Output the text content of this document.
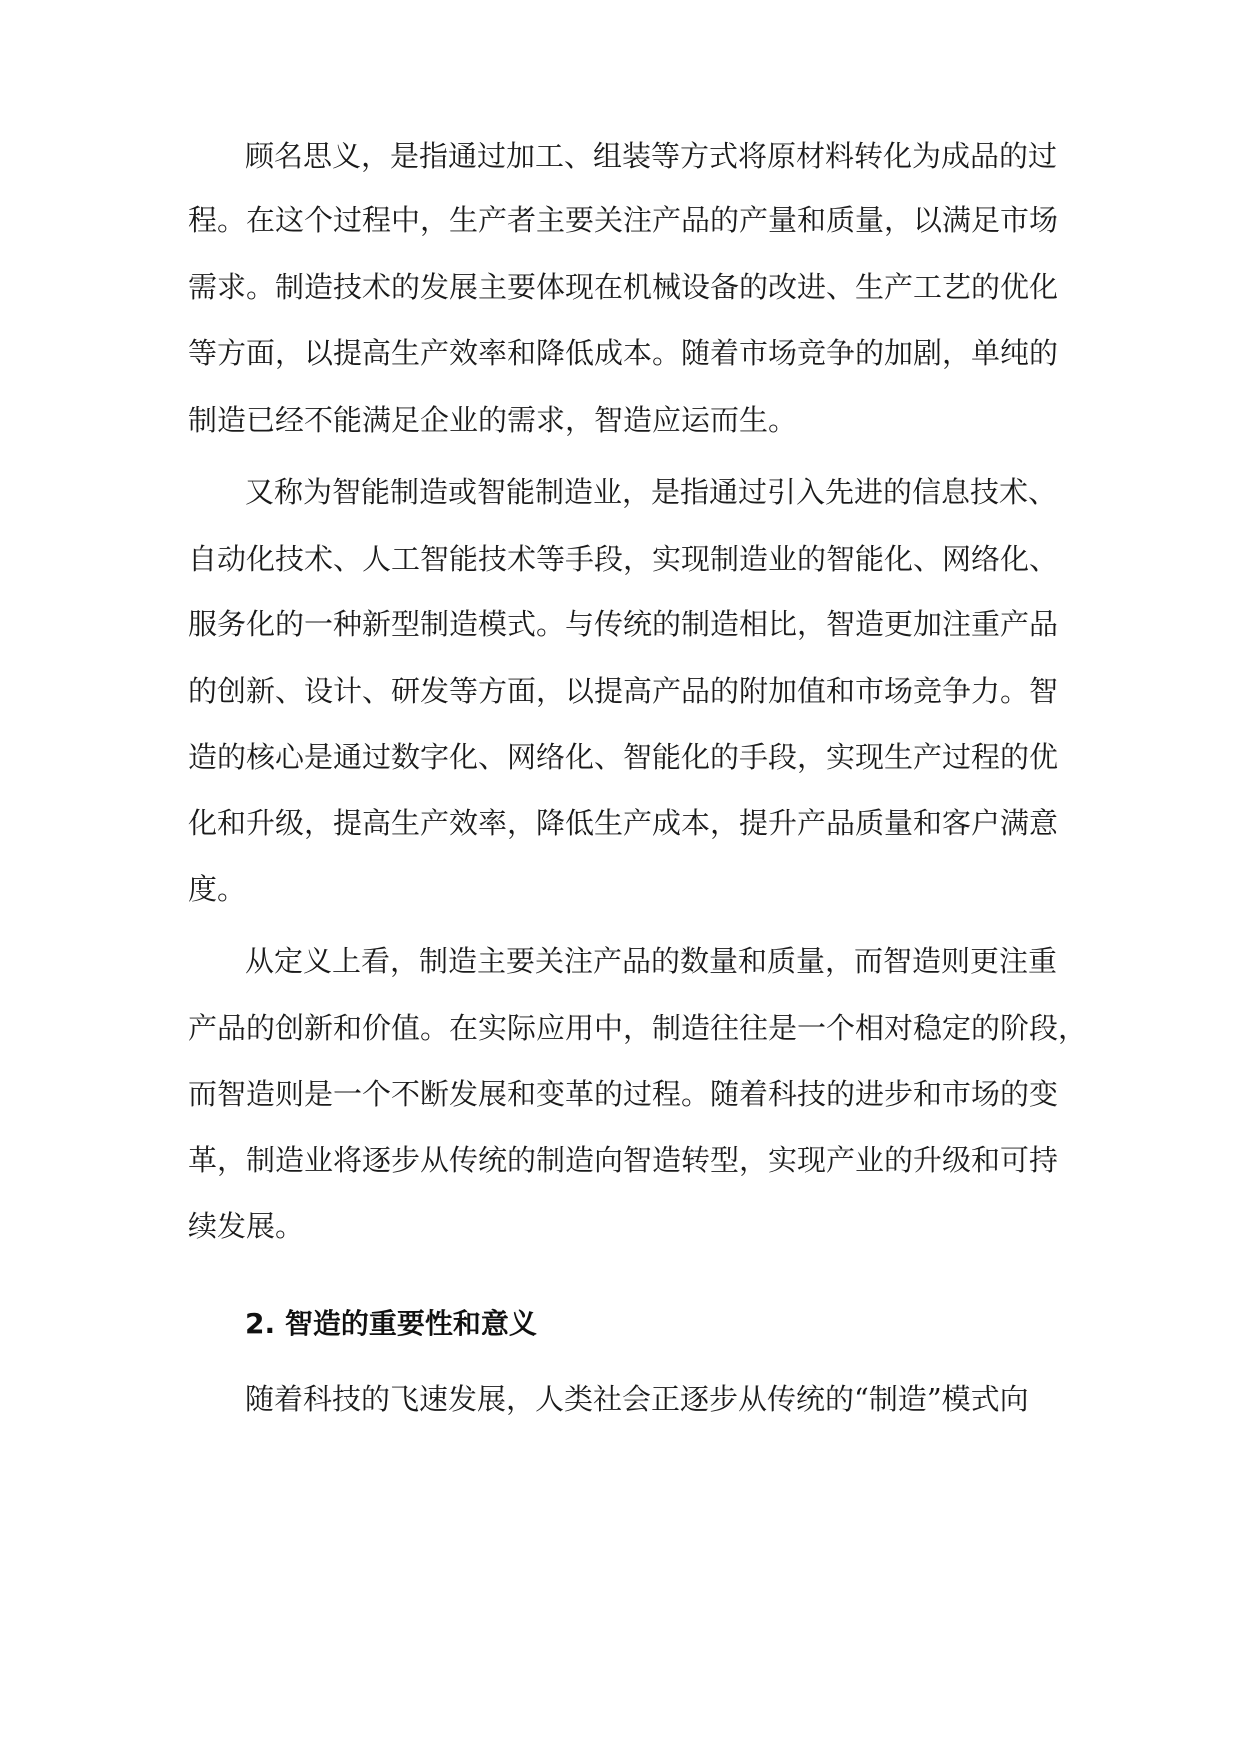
顾名思义，是指通过加工、组装等方式将原材料转化为成品的过
程。在这个过程中，生产者主要关注产品的产量和质量，以满足市场
需求。制造技术的发展主要体现在机械设备的改进、生产工艺的优化
等方面，以提高生产效率和降低成本。随着市场竞争的加剧，单纯的
制造已经不能满足企业的需求，智造应运而生。
又称为智能制造或智能制造业，是指通过引入先进的信息技术、
自动化技术、人工智能技术等手段，实现制造业的智能化、网络化、
服务化的一种新型制造模式。与传统的制造相比，智造更加注重产品
的创新、设计、研发等方面，以提高产品的附加值和市场竞争力。智
造的核心是通过数字化、网络化、智能化的手段，实现生产过程的优
化和升级，提高生产效率，降低生产成本，提升产品质量和客户满意
度。
从定义上看，制造主要关注产品的数量和质量，而智造则更注重
产品的创新和价值。在实际应用中，制造往往是一个相对稳定的阶段，
而智造则是一个不断发展和变革的过程。随着科技的进步和市场的变
革，制造业将逐步从传统的制造向智造转型，实现产业的升级和可持
续发展。
2. 智造的重要性和意义
随着科技的飞速发展，人类社会正逐步从传统的“制造”模式向
